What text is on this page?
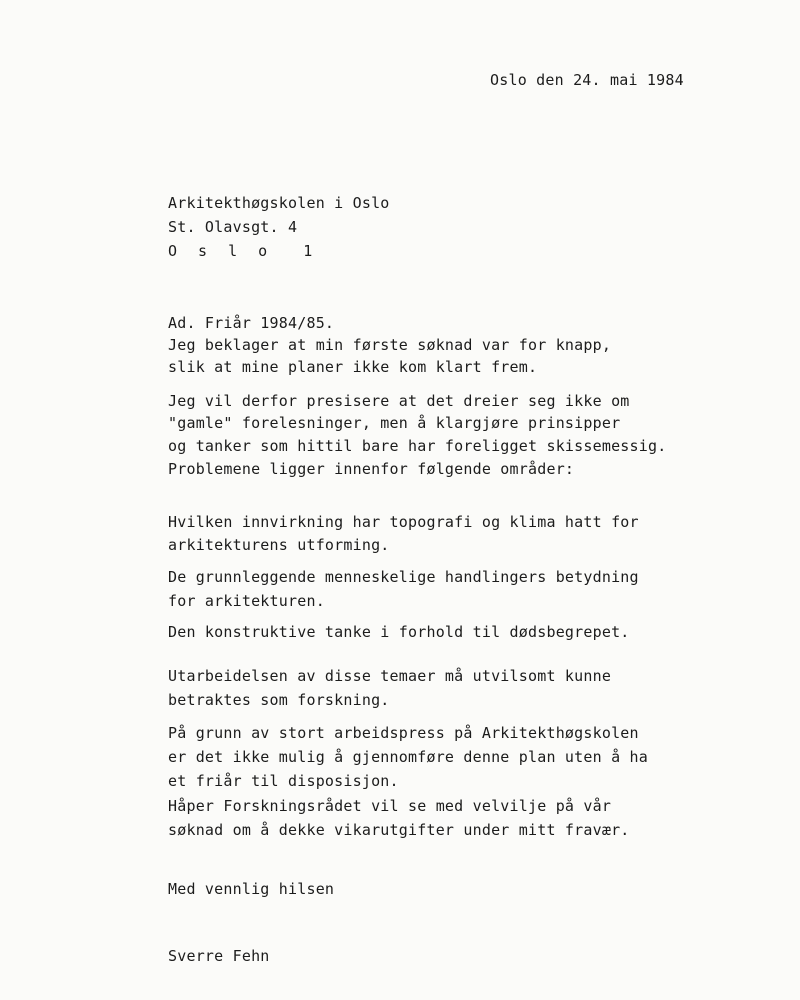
Oslo den 24. mai 1984
Arkitekthøgskolen i Oslo
St. Olavsgt. 4
O s l o  1
Ad. Friår 1984/85.
Jeg beklager at min første søknad var for knapp,
slik at mine planer ikke kom klart frem.
Jeg vil derfor presisere at det dreier seg ikke om
"gamle" forelesninger, men å klargjøre prinsipper
og tanker som hittil bare har foreligget skissemessig.
Problemene ligger innenfor følgende områder:
Hvilken innvirkning har topografi og klima hatt for
arkitekturens utforming.
De grunnleggende menneskelige handlingers betydning
for arkitekturen.
Den konstruktive tanke i forhold til dødsbegrepet.
Utarbeidelsen av disse temaer må utvilsomt kunne
betraktes som forskning.
På grunn av stort arbeidspress på Arkitekthøgskolen
er det ikke mulig å gjennomføre denne plan uten å ha
et friår til disposisjon.
Håper Forskningsrådet vil se med velvilje på vår
søknad om å dekke vikarutgifter under mitt fravær.
Med vennlig hilsen
Sverre Fehn
